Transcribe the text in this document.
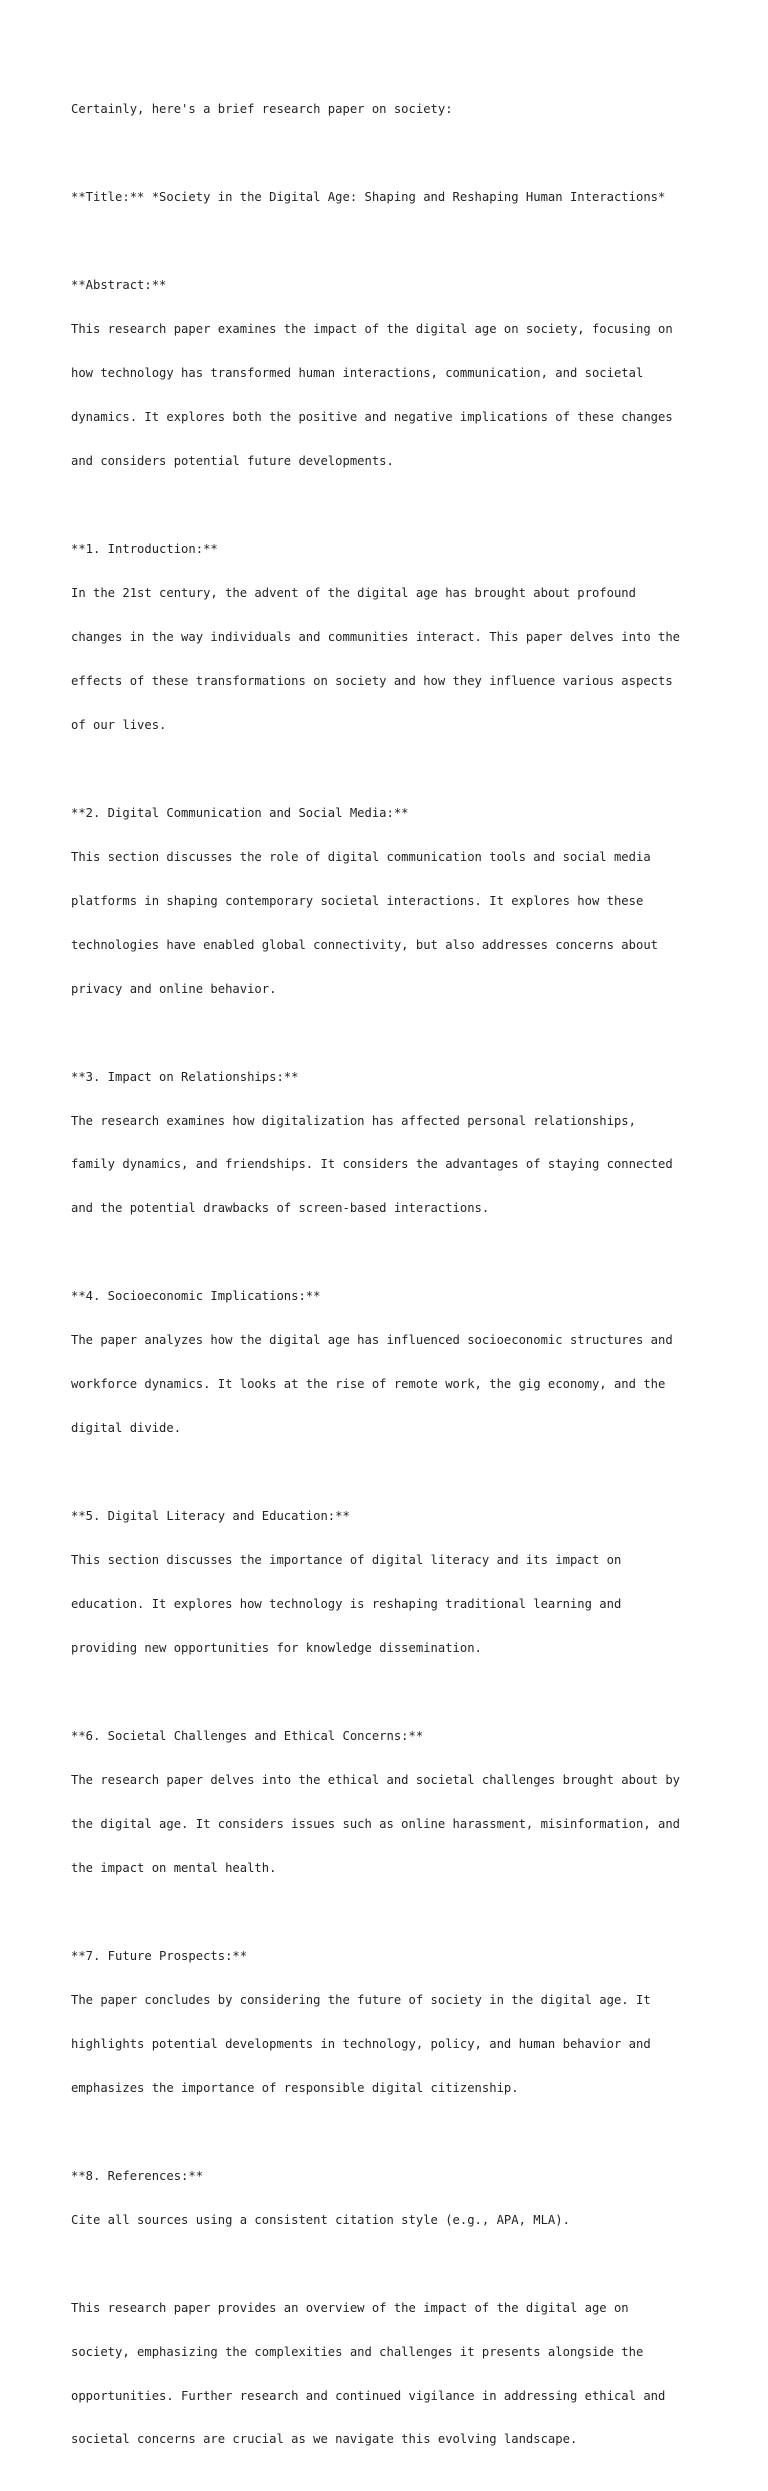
Certainly, here's a brief research paper on society:

**Title:** *Society in the Digital Age: Shaping and Reshaping Human Interactions*

**Abstract:**

This research paper examines the impact of the digital age on society, focusing on

how technology has transformed human interactions, communication, and societal

dynamics. It explores both the positive and negative implications of these changes

and considers potential future developments.

**1. Introduction:**

In the 21st century, the advent of the digital age has brought about profound

changes in the way individuals and communities interact. This paper delves into the

effects of these transformations on society and how they influence various aspects

of our lives.

**2. Digital Communication and Social Media:**

This section discusses the role of digital communication tools and social media

platforms in shaping contemporary societal interactions. It explores how these

technologies have enabled global connectivity, but also addresses concerns about

privacy and online behavior.

**3. Impact on Relationships:**

The research examines how digitalization has affected personal relationships,

family dynamics, and friendships. It considers the advantages of staying connected

and the potential drawbacks of screen-based interactions.

**4. Socioeconomic Implications:**

The paper analyzes how the digital age has influenced socioeconomic structures and

workforce dynamics. It looks at the rise of remote work, the gig economy, and the

digital divide.

**5. Digital Literacy and Education:**

This section discusses the importance of digital literacy and its impact on

education. It explores how technology is reshaping traditional learning and

providing new opportunities for knowledge dissemination.

**6. Societal Challenges and Ethical Concerns:**

The research paper delves into the ethical and societal challenges brought about by

the digital age. It considers issues such as online harassment, misinformation, and

the impact on mental health.

**7. Future Prospects:**

The paper concludes by considering the future of society in the digital age. It

highlights potential developments in technology, policy, and human behavior and

emphasizes the importance of responsible digital citizenship.

**8. References:**

Cite all sources using a consistent citation style (e.g., APA, MLA).

This research paper provides an overview of the impact of the digital age on

society, emphasizing the complexities and challenges it presents alongside the

opportunities. Further research and continued vigilance in addressing ethical and

societal concerns are crucial as we navigate this evolving landscape.
